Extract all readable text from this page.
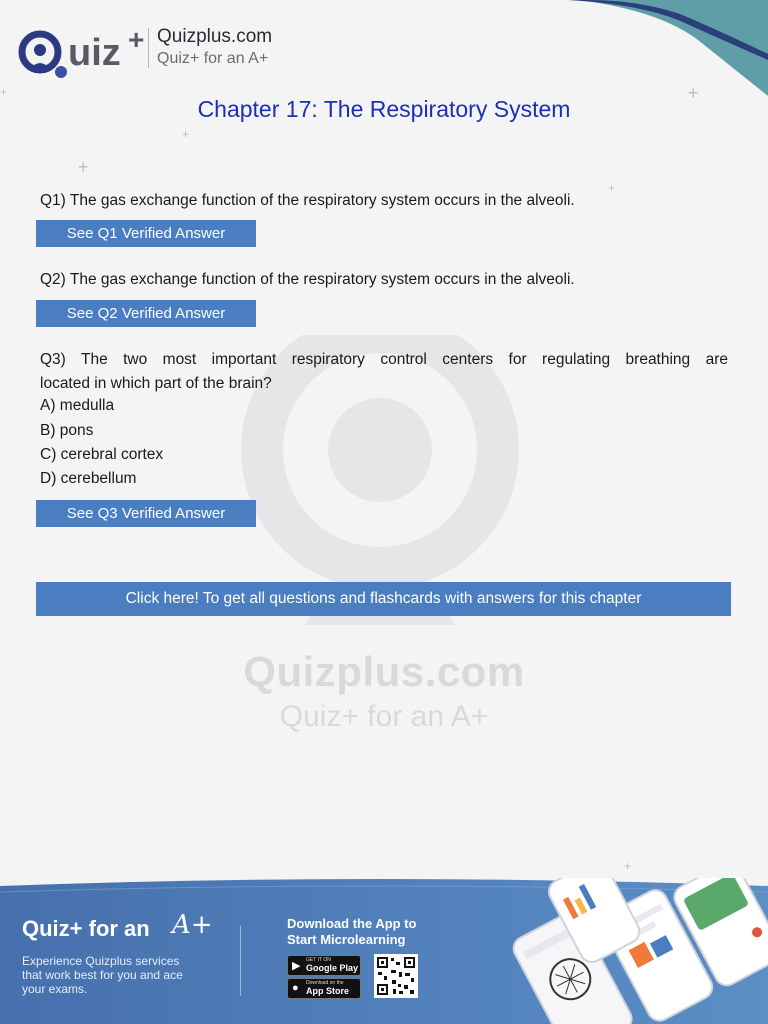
+
+
+
+
+
+
Quizplus.com
Quiz+ for an A+
uiz + Quizplus.com
Quiz+ for an A+
Chapter 17: The Respiratory System
Q1) The gas exchange function of the respiratory system occurs in the alveoli.
See Q1 Verified Answer
Q2) The gas exchange function of the respiratory system occurs in the alveoli.
See Q2 Verified Answer
Q3) The two most important respiratory control centers for regulating breathing are
located in which part of the brain?
A) medulla
B) pons
C) cerebral cortex
D) cerebellum
See Q3 Verified Answer
Click here! To get all questions and flashcards with answers for this chapter
Quiz+ for an A+
Experience Quizplus services
that work best for you and ace
your exams.
Download the App to
Start Microlearning
▶ GET IT ON
Google Play
● Download on the
App Store
